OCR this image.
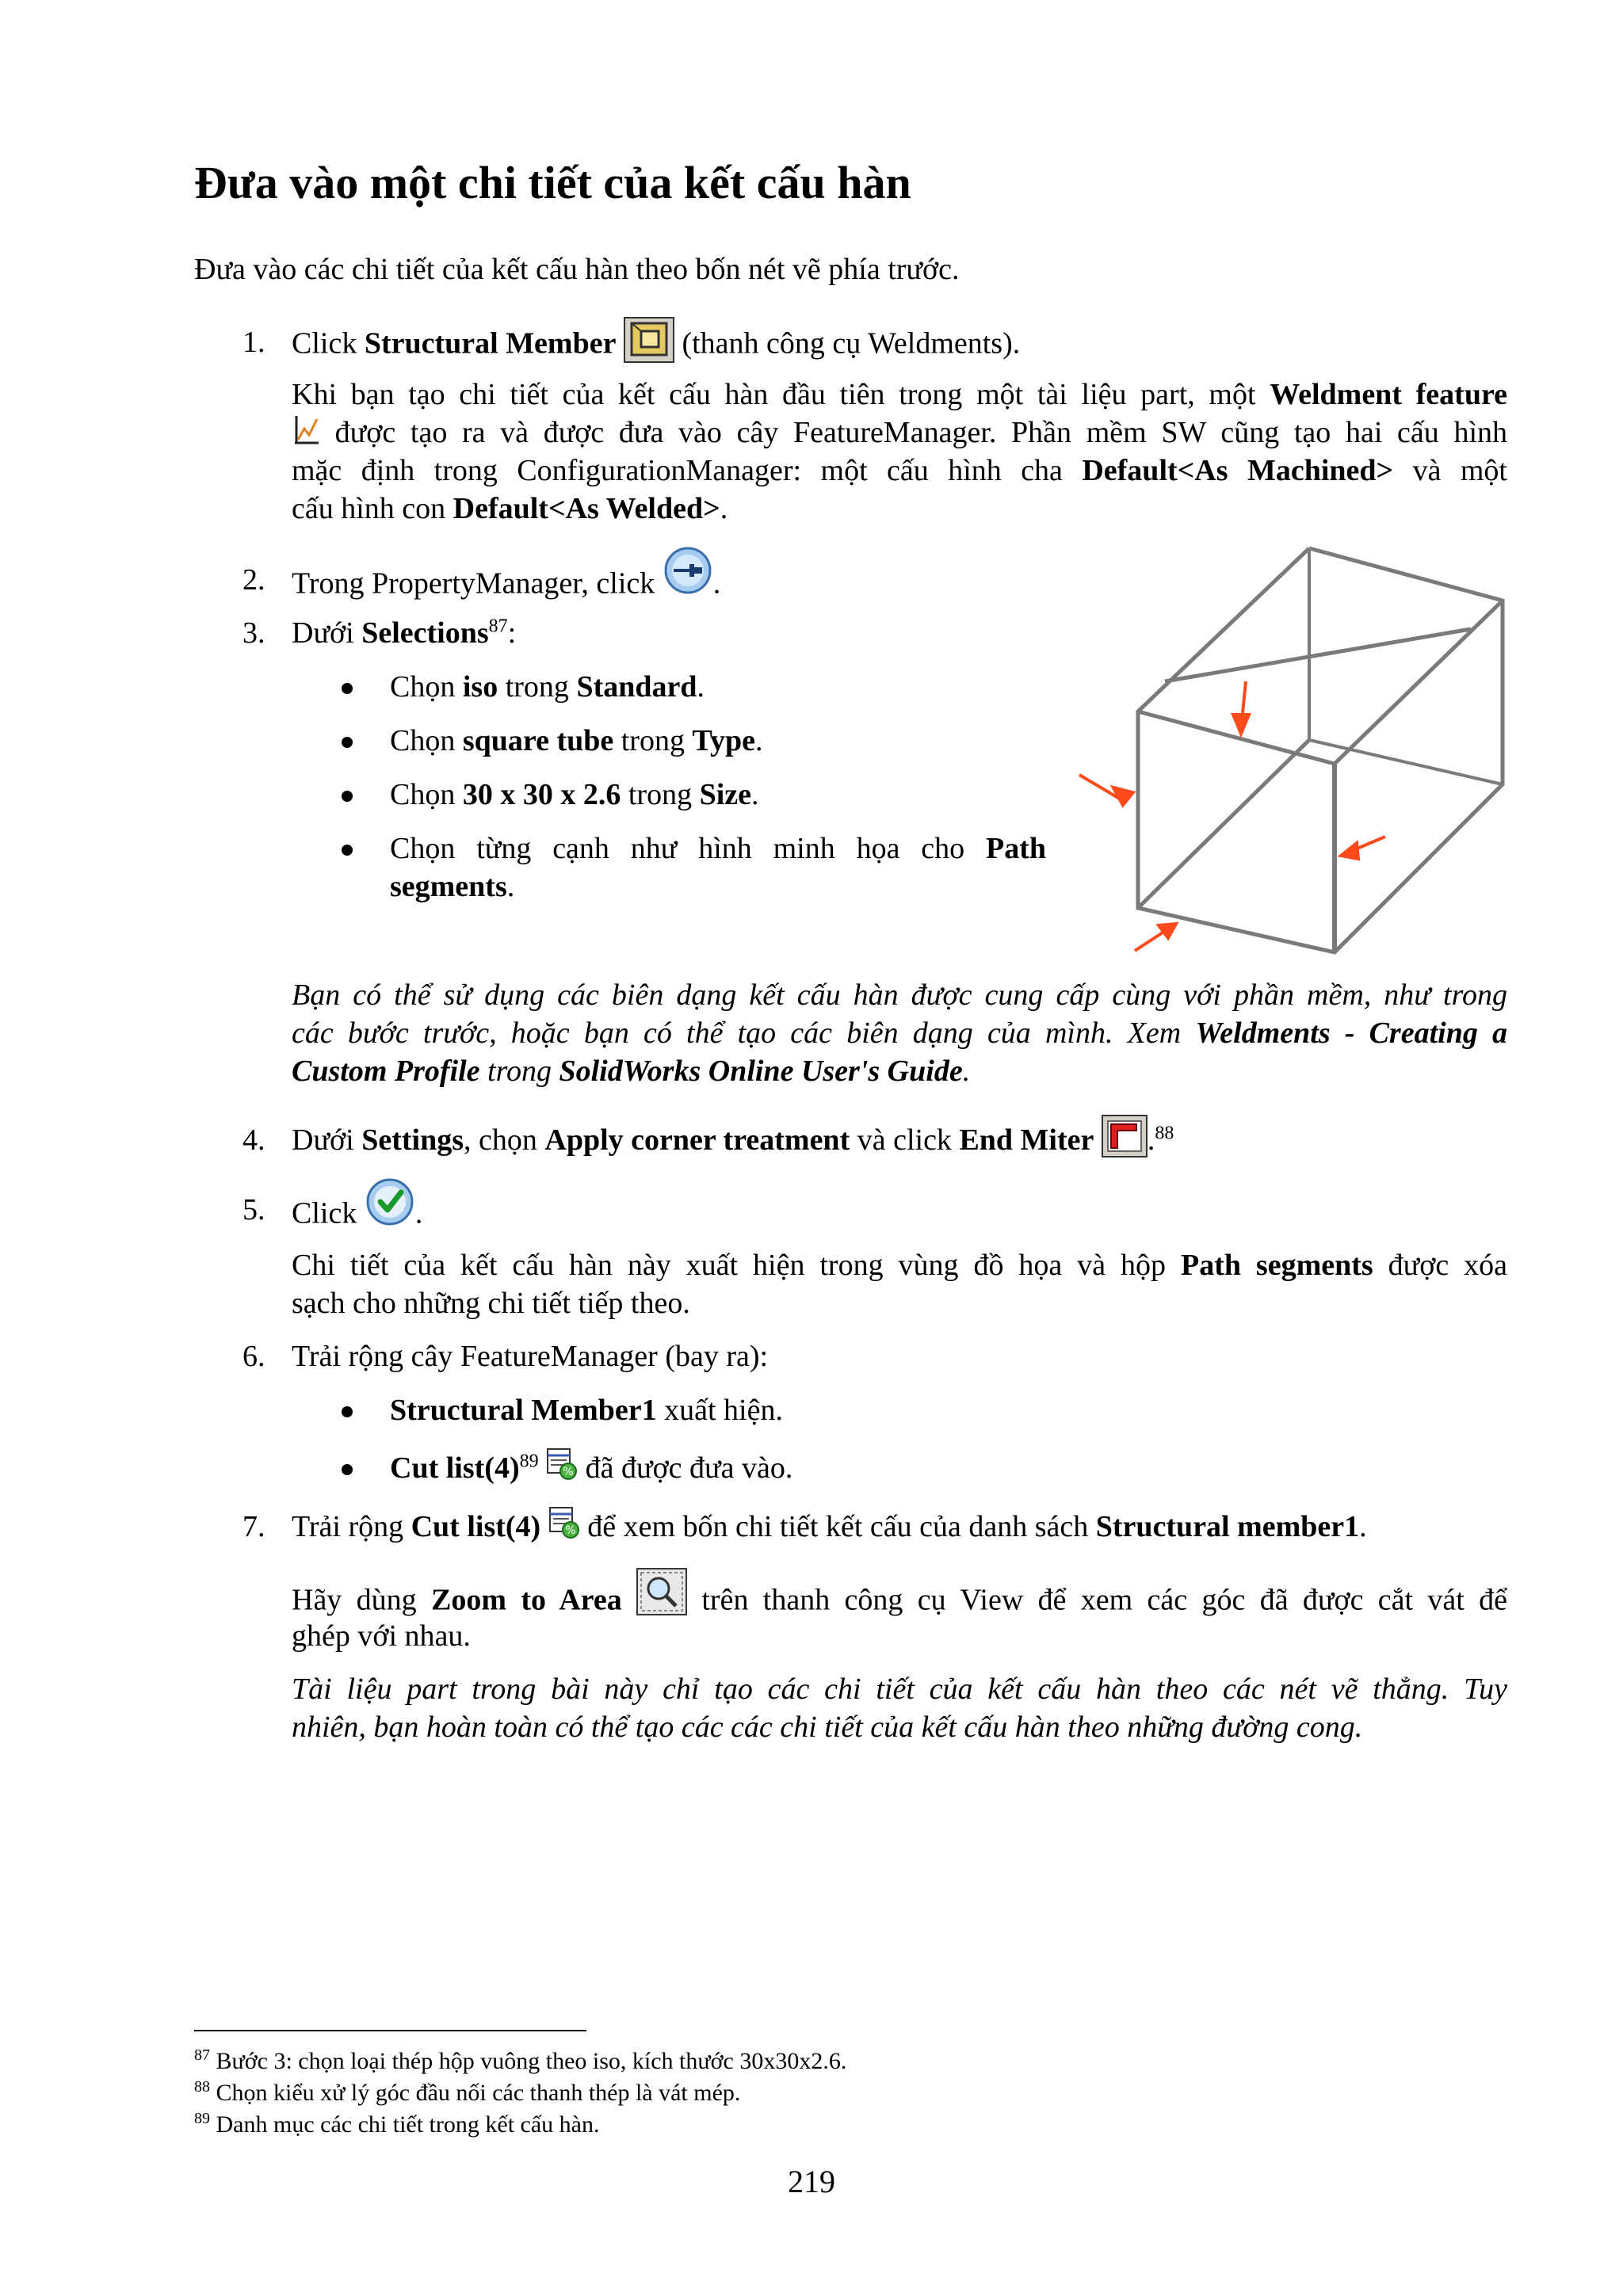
Đưa vào một chi tiết của kết cấu hàn
Đưa vào các chi tiết của kết cấu hàn theo bốn nét vẽ phía trước.
1. Click Structural Member  (thanh công cụ Weldments).
Khi bạn tạo chi tiết của kết cấu hàn đầu tiên trong một tài liệu part, một Weldment feature
được tạo ra và được đưa vào cây FeatureManager. Phần mềm SW cũng tạo hai cấu hình
mặc định trong ConfigurationManager: một cấu hình cha Default<As Machined> và một
cấu hình con Default<As Welded>.
2. Trong PropertyManager, click .
3. Dưới Selections$^{87}$:
Chọn iso trong Standard.
Chọn square tube trong Type.
Chọn 30 x 30 x 2.6 trong Size.
Chọn từng cạnh như hình minh họa cho Path
segments.
Bạn có thể sử dụng các biên dạng kết cấu hàn được cung cấp cùng với phần mềm, như trong
các bước trước, hoặc bạn có thể tạo các biên dạng của mình. Xem Weldments - Creating a
Custom Profile trong SolidWorks Online User's Guide.
4. Dưới Settings, chọn Apply corner treatment và click End Miter .$^{88}$
5. Click .
Chi tiết của kết cấu hàn này xuất hiện trong vùng đồ họa và hộp Path segments được xóa
sạch cho những chi tiết tiếp theo.
6. Trải rộng cây FeatureManager (bay ra):
Structural Member1 xuất hiện.
Cut $list(4)^{89}$
% đã được đưa vào.
7. Trải rộng Cut list(4) % để xem bốn chi tiết kết cấu của danh sách Structural member1.
Hãy dùng Zoom to Area  trên thanh công cụ View để xem các góc đã được cắt vát để
ghép với nhau.
Tài liệu part trong bài này chỉ tạo các chi tiết của kết cấu hàn theo các nét vẽ thẳng. Tuy
nhiên, bạn hoàn toàn có thể tạo các các chi tiết của kết cấu hàn theo những đường cong.
$^{87}$ Bước 3: chọn loại thép hộp vuông theo iso, kích thước 30x30x2.6.
$^{88}$ Chọn kiểu xử lý góc đầu nối các thanh thép là vát mép.
$^{89}$ Danh mục các chi tiết trong kết cấu hàn.
219
